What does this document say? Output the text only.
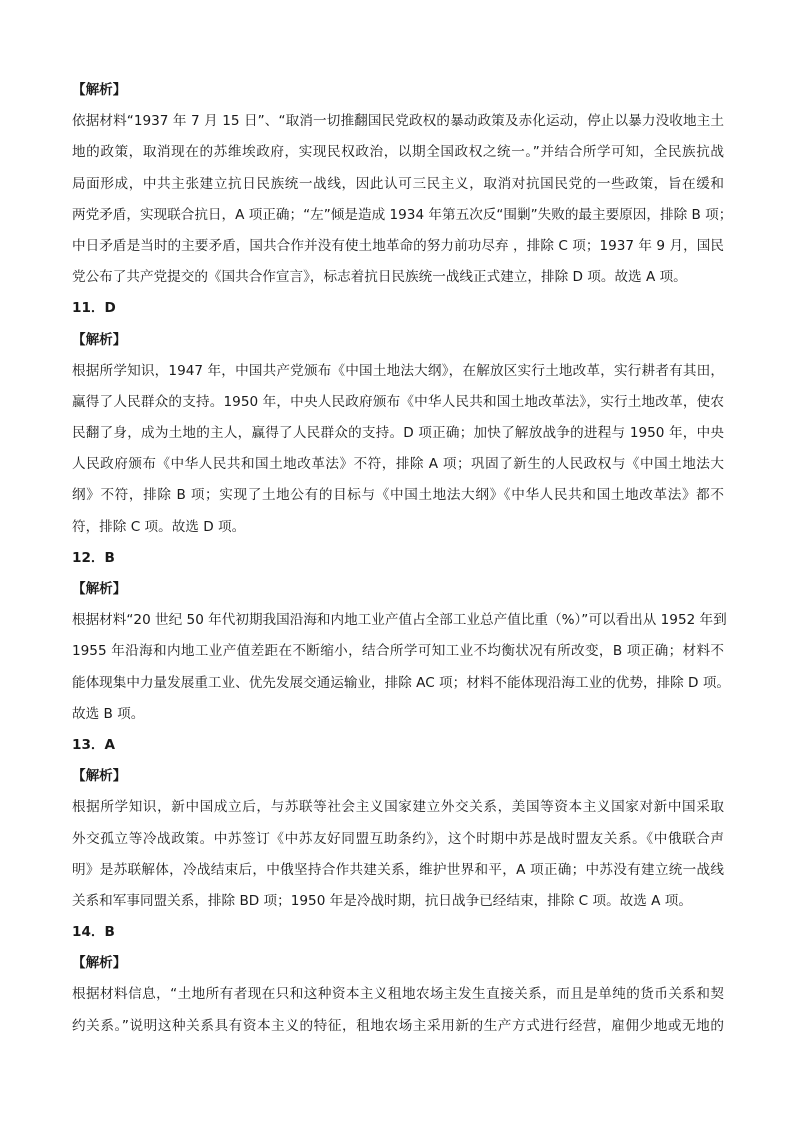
【解析】
依据材料“1937 年 7 月 15 日”、“取消一切推翻国民党政权的暴动政策及赤化运动，停止以暴力没收地主土
地的政策，取消现在的苏维埃政府，实现民权政治，以期全国政权之统一。”并结合所学可知，全民族抗战
局面形成，中共主张建立抗日民族统一战线，因此认可三民主义，取消对抗国民党的一些政策，旨在缓和
两党矛盾，实现联合抗日，A 项正确；“左”倾是造成 1934 年第五次反“围剿”失败的最主要原因，排除 B 项；
中日矛盾是当时的主要矛盾，国共合作并没有使土地革命的努力前功尽弃 ，排除 C 项；1937 年 9 月，国民
党公布了共产党提交的《国共合作宣言》，标志着抗日民族统一战线正式建立，排除 D 项。故选 A 项。
11．D
【解析】
根据所学知识，1947 年，中国共产党颁布《中国土地法大纲》，在解放区实行土地改革，实行耕者有其田，
赢得了人民群众的支持。1950 年，中央人民政府颁布《中华人民共和国土地改革法》，实行土地改革，使农
民翻了身，成为土地的主人，赢得了人民群众的支持。D 项正确；加快了解放战争的进程与 1950 年，中央
人民政府颁布《中华人民共和国土地改革法》不符，排除 A 项；巩固了新生的人民政权与《中国土地法大
纲》不符，排除 B 项；实现了土地公有的目标与《中国土地法大纲》《中华人民共和国土地改革法》都不
符，排除 C 项。故选 D 项。
12．B
【解析】
根据材料“20 世纪 50 年代初期我国沿海和内地工业产值占全部工业总产值比重（%）”可以看出从 1952 年到
1955 年沿海和内地工业产值差距在不断缩小，结合所学可知工业不均衡状况有所改变，B 项正确；材料不
能体现集中力量发展重工业、优先发展交通运输业，排除 AC 项；材料不能体现沿海工业的优势，排除 D 项。
故选 B 项。
13．A
【解析】
根据所学知识，新中国成立后，与苏联等社会主义国家建立外交关系，美国等资本主义国家对新中国采取
外交孤立等冷战政策。中苏签订《中苏友好同盟互助条约》，这个时期中苏是战时盟友关系。《中俄联合声
明》是苏联解体，冷战结束后，中俄坚持合作共建关系，维护世界和平，A 项正确；中苏没有建立统一战线
关系和军事同盟关系，排除 BD 项；1950 年是冷战时期，抗日战争已经结束，排除 C 项。故选 A 项。
14．B
【解析】
根据材料信息，“土地所有者现在只和这种资本主义租地农场主发生直接关系，而且是单纯的货币关系和契
约关系。”说明这种关系具有资本主义的特征，租地农场主采用新的生产方式进行经营，雇佣少地或无地的
